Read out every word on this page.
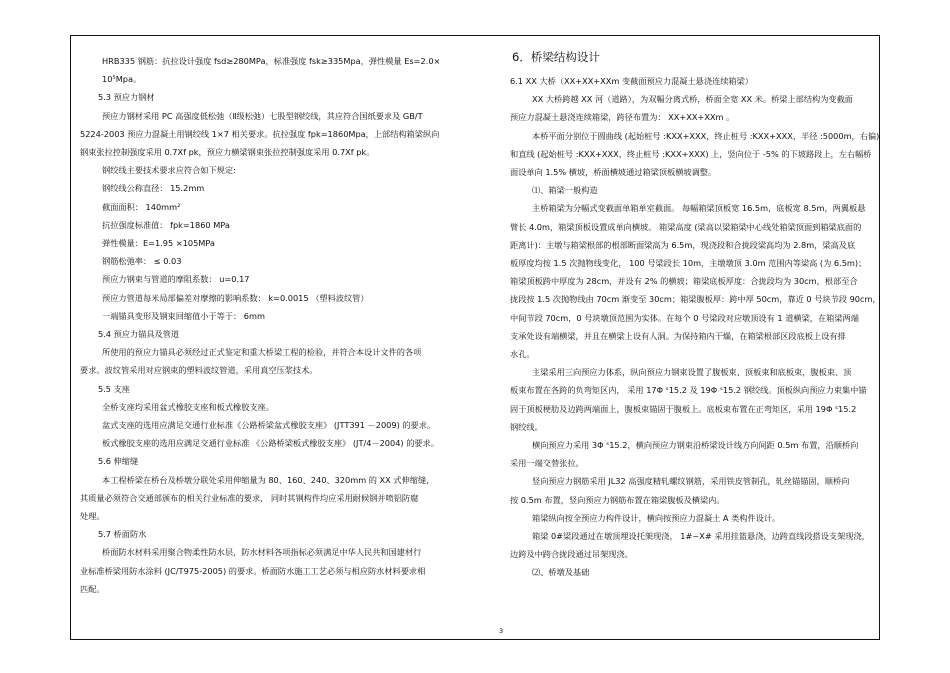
HRB335 钢筋：抗拉设计强度 fsd≥280MPa，标准强度 fsk≥335Mpa，弹性模量 Es=2.0×
10⁵Mpa。
5.3 预应力钢材
预应力钢材采用 PC 高强度低松弛（Ⅱ级松弛）七股型钢绞线，其应符合国纸要求及 GB/T
5224-2003 预应力混凝土用钢绞线 1×7 相关要求。抗拉强度 fpk=1860Mpa，上部结构箱梁纵向
钢束张拉控制强度采用 0.7Xf pk，预应力横梁钢束张拉控制强度采用 0.7Xf pk。
钢绞线主要技术要求应符合如下规定:
钢绞线公称直径： 15.2mm
截面面积： 140mm²
抗拉强度标准值： fpk=1860 MPa
弹性模量：E=1.95 ×105MPa
钢筋松弛率： ≤ 0.03
预应力钢束与管道的摩阻系数： u=0.17
预应力管道每米局部偏差对摩擦的影响系数： k=0.0015 （塑料波纹管）
一端锚具变形及钢束回缩值小于等于： 6mm
5.4 预应力锚具及管道
所使用的预应力锚具必须经过正式鉴定和重大桥梁工程的检验，并符合本设计文件的各项
要求。波纹管采用对应钢束的塑料波纹管道，采用真空压浆技术。
5.5 支座
全桥支座均采用盆式橡胶支座和板式橡胶支座。
盆式支座的选用应满足交通行业标准《公路桥梁盆式橡胶支座》 (JTT391 －2009) 的要求。
板式橡胶支座的选用应满足交通行业标准 《公路桥梁板式橡胶支座》 (JT/4－2004) 的要求。
5.6 伸缩缝
本工程桥梁在桥台及桥墩分联处采用伸缩量为 80、160、240、320mm 的 XX 式伸缩缝，
其质量必须符合交通部颁布的相关行业标准的要求， 同时其钢构件均应采用耐候钢并喷铝防腐
处理。
5.7 桥面防水
桥面防水材料采用聚合物柔性防水层，防水材料各项指标必须满足中华人民共和国建材行
业标准桥梁用防水涂料 (JC/T975-2005) 的要求。桥面防水施工工艺必须与相应防水材料要求相
匹配。
6．桥梁结构设计
6.1 XX 大桥（XX+XX+XXm 变截面预应力混凝土悬浇连续箱梁）
XX 大桥跨越 XX 河（道路），为双幅分离式桥，桥面全宽 XX 米。桥梁上部结构为变截面
预应力混凝土悬浇连续箱梁，跨径布置为： XX+XX+XXm 。
本桥平面分别位于圆曲线 (起始桩号 :KXX+XXX，终止桩号 :KXX+XXX，半径 :5000m，右偏)
和直线 (起始桩号 :KXX+XXX，终止桩号 :KXX+XXX) 上，竖向位于 -5% 的下坡路段上，左右幅桥
面设单向 1.5% 横坡，桥面横坡通过箱梁顶板横坡调整。
⑴、箱梁一般构造
主桥箱梁为分幅式变截面单箱单室截面。 每幅箱梁顶板宽 16.5m，底板宽 8.5m，两翼板悬
臂长 4.0m，箱梁顶板设置成单向横坡。 箱梁高度 (梁高以梁箱梁中心线处箱梁顶面到箱梁底面的
距离计)：主墩与箱梁根部的根部断面梁高为 6.5m，现浇段和合拢段梁高均为 2.8m，梁高及底
板厚度均按 1.5 次抛物线变化， 100 号梁段长 10m，主墩墩顶 3.0m 范围内等梁高 (为 6.5m)；
箱梁顶板跨中厚度为 28cm，并设有 2% 的横坡；箱梁底板厚度：合拢段均为 30cm，根部至合
拢段按 1.5 次抛物线由 70cm 渐变至 30cm；箱梁腹板厚：跨中厚 50cm，靠近 0 号块节段 90cm，
中间节段 70cm，0 号块墩顶范围为实体。在每个 0 号梁段对应墩顶设有 1 道横梁，在箱梁两端
支承处设有端横梁，并且在横梁上设有人洞。为保持箱内干燥，在箱梁根部区段底板上设有排
水孔。
主梁采用三向预应力体系，纵向预应力钢束设置了腹板束、顶板束和底板束，腹板束、顶
板束布置在各跨的负弯矩区内， 采用 17Φ ˢ15.2 及 19Φ ˢ15.2 钢绞线。顶板纵向预应力束集中锚
固于顶板梗肋及边跨两端面上，腹板束锚固于腹板上。底板束布置在正弯矩区，采用 19Φ ˢ15.2
钢绞线。
横向预应力采用 3Φ ˢ15.2，横向预应力钢束沿桥梁设计线方向间距 0.5m 布置，沿顺桥向
采用一端交替张拉。
竖向预应力钢筋采用 JL32 高强度精轧螺纹钢筋，采用铁皮管制孔，轧丝锚锚固，顺桥向
按 0.5m 布置，竖向预应力钢筋布置在箱梁腹板及横梁内。
箱梁纵向按全预应力构件设计，横向按预应力混凝土 A 类构件设计。
箱梁 0#梁段通过在墩顶埋设托架现浇， 1#~X# 采用挂篮悬浇，边跨直线段搭设支架现浇，
边跨及中跨合拢段通过吊架现浇。
⑵、桥墩及基础
3
